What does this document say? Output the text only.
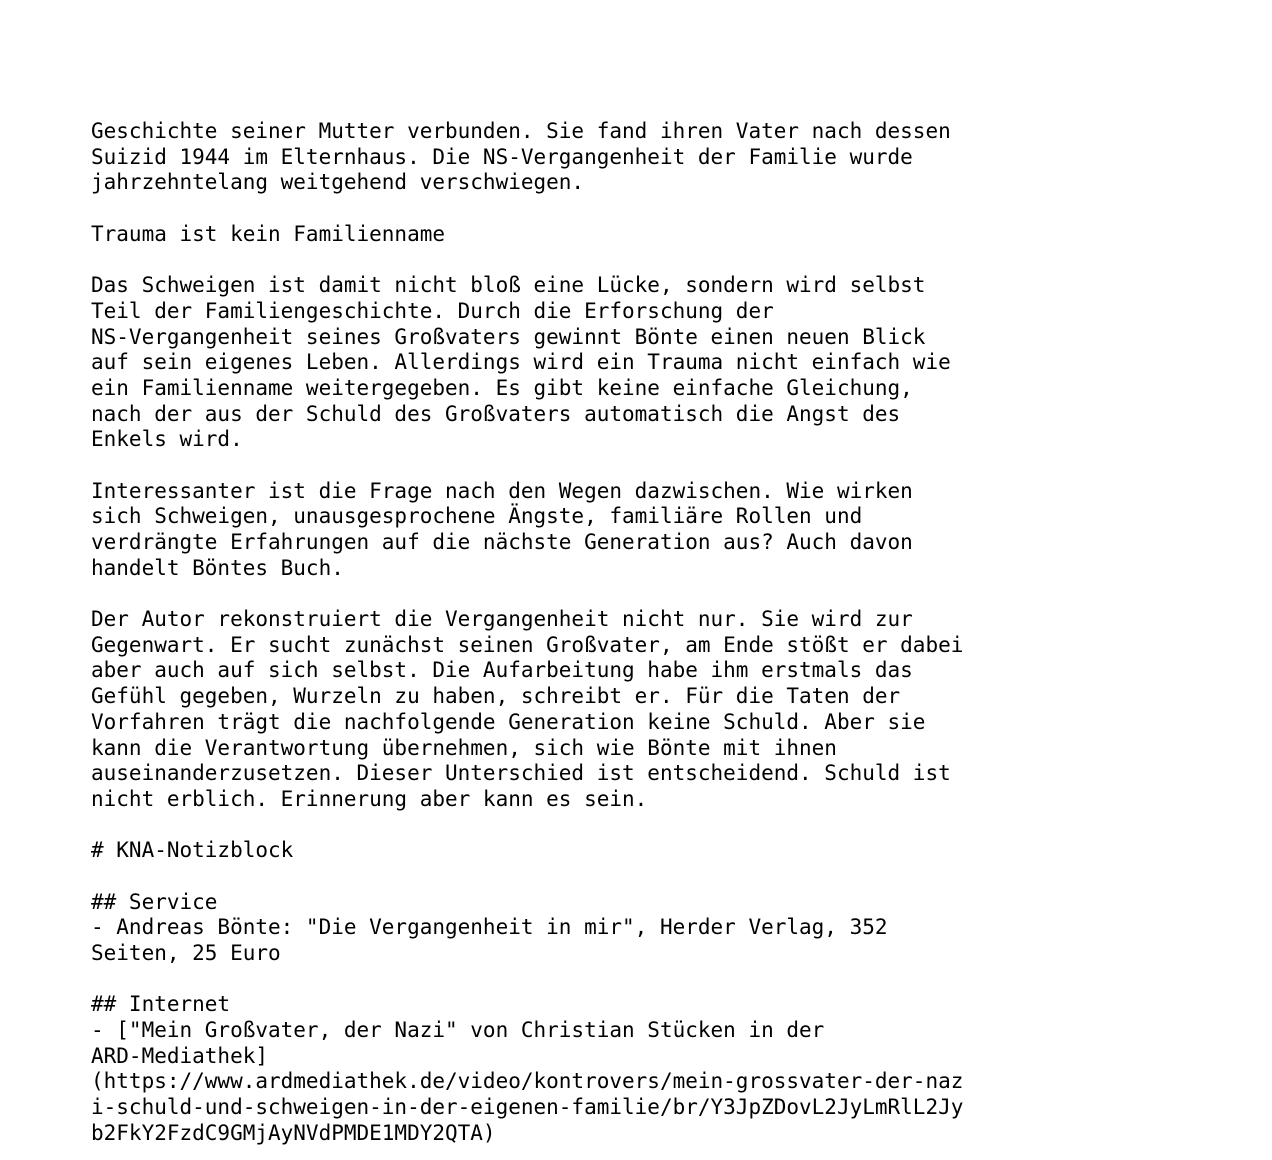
Geschichte seiner Mutter verbunden. Sie fand ihren Vater nach dessen
Suizid 1944 im Elternhaus. Die NS-Vergangenheit der Familie wurde
jahrzehntelang weitgehend verschwiegen.
Trauma ist kein Familienname
Das Schweigen ist damit nicht bloß eine Lücke, sondern wird selbst
Teil der Familiengeschichte. Durch die Erforschung der
NS-Vergangenheit seines Großvaters gewinnt Bönte einen neuen Blick
auf sein eigenes Leben. Allerdings wird ein Trauma nicht einfach wie
ein Familienname weitergegeben. Es gibt keine einfache Gleichung,
nach der aus der Schuld des Großvaters automatisch die Angst des
Enkels wird.
Interessanter ist die Frage nach den Wegen dazwischen. Wie wirken
sich Schweigen, unausgesprochene Ängste, familiäre Rollen und
verdrängte Erfahrungen auf die nächste Generation aus? Auch davon
handelt Böntes Buch.
Der Autor rekonstruiert die Vergangenheit nicht nur. Sie wird zur
Gegenwart. Er sucht zunächst seinen Großvater, am Ende stößt er dabei
aber auch auf sich selbst. Die Aufarbeitung habe ihm erstmals das
Gefühl gegeben, Wurzeln zu haben, schreibt er. Für die Taten der
Vorfahren trägt die nachfolgende Generation keine Schuld. Aber sie
kann die Verantwortung übernehmen, sich wie Bönte mit ihnen
auseinanderzusetzen. Dieser Unterschied ist entscheidend. Schuld ist
nicht erblich. Erinnerung aber kann es sein.
# KNA-Notizblock
## Service
- Andreas Bönte: "Die Vergangenheit in mir", Herder Verlag, 352
Seiten, 25 Euro
## Internet
- ["Mein Großvater, der Nazi" von Christian Stücken in der
ARD-Mediathek]
(https://www.ardmediathek.de/video/kontrovers/mein-grossvater-der-naz
i-schuld-und-schweigen-in-der-eigenen-familie/br/Y3JpZDovL2JyLmRlL2Jy
b2FkY2FzdC9GMjAyNVdPMDE1MDY2QTA)
